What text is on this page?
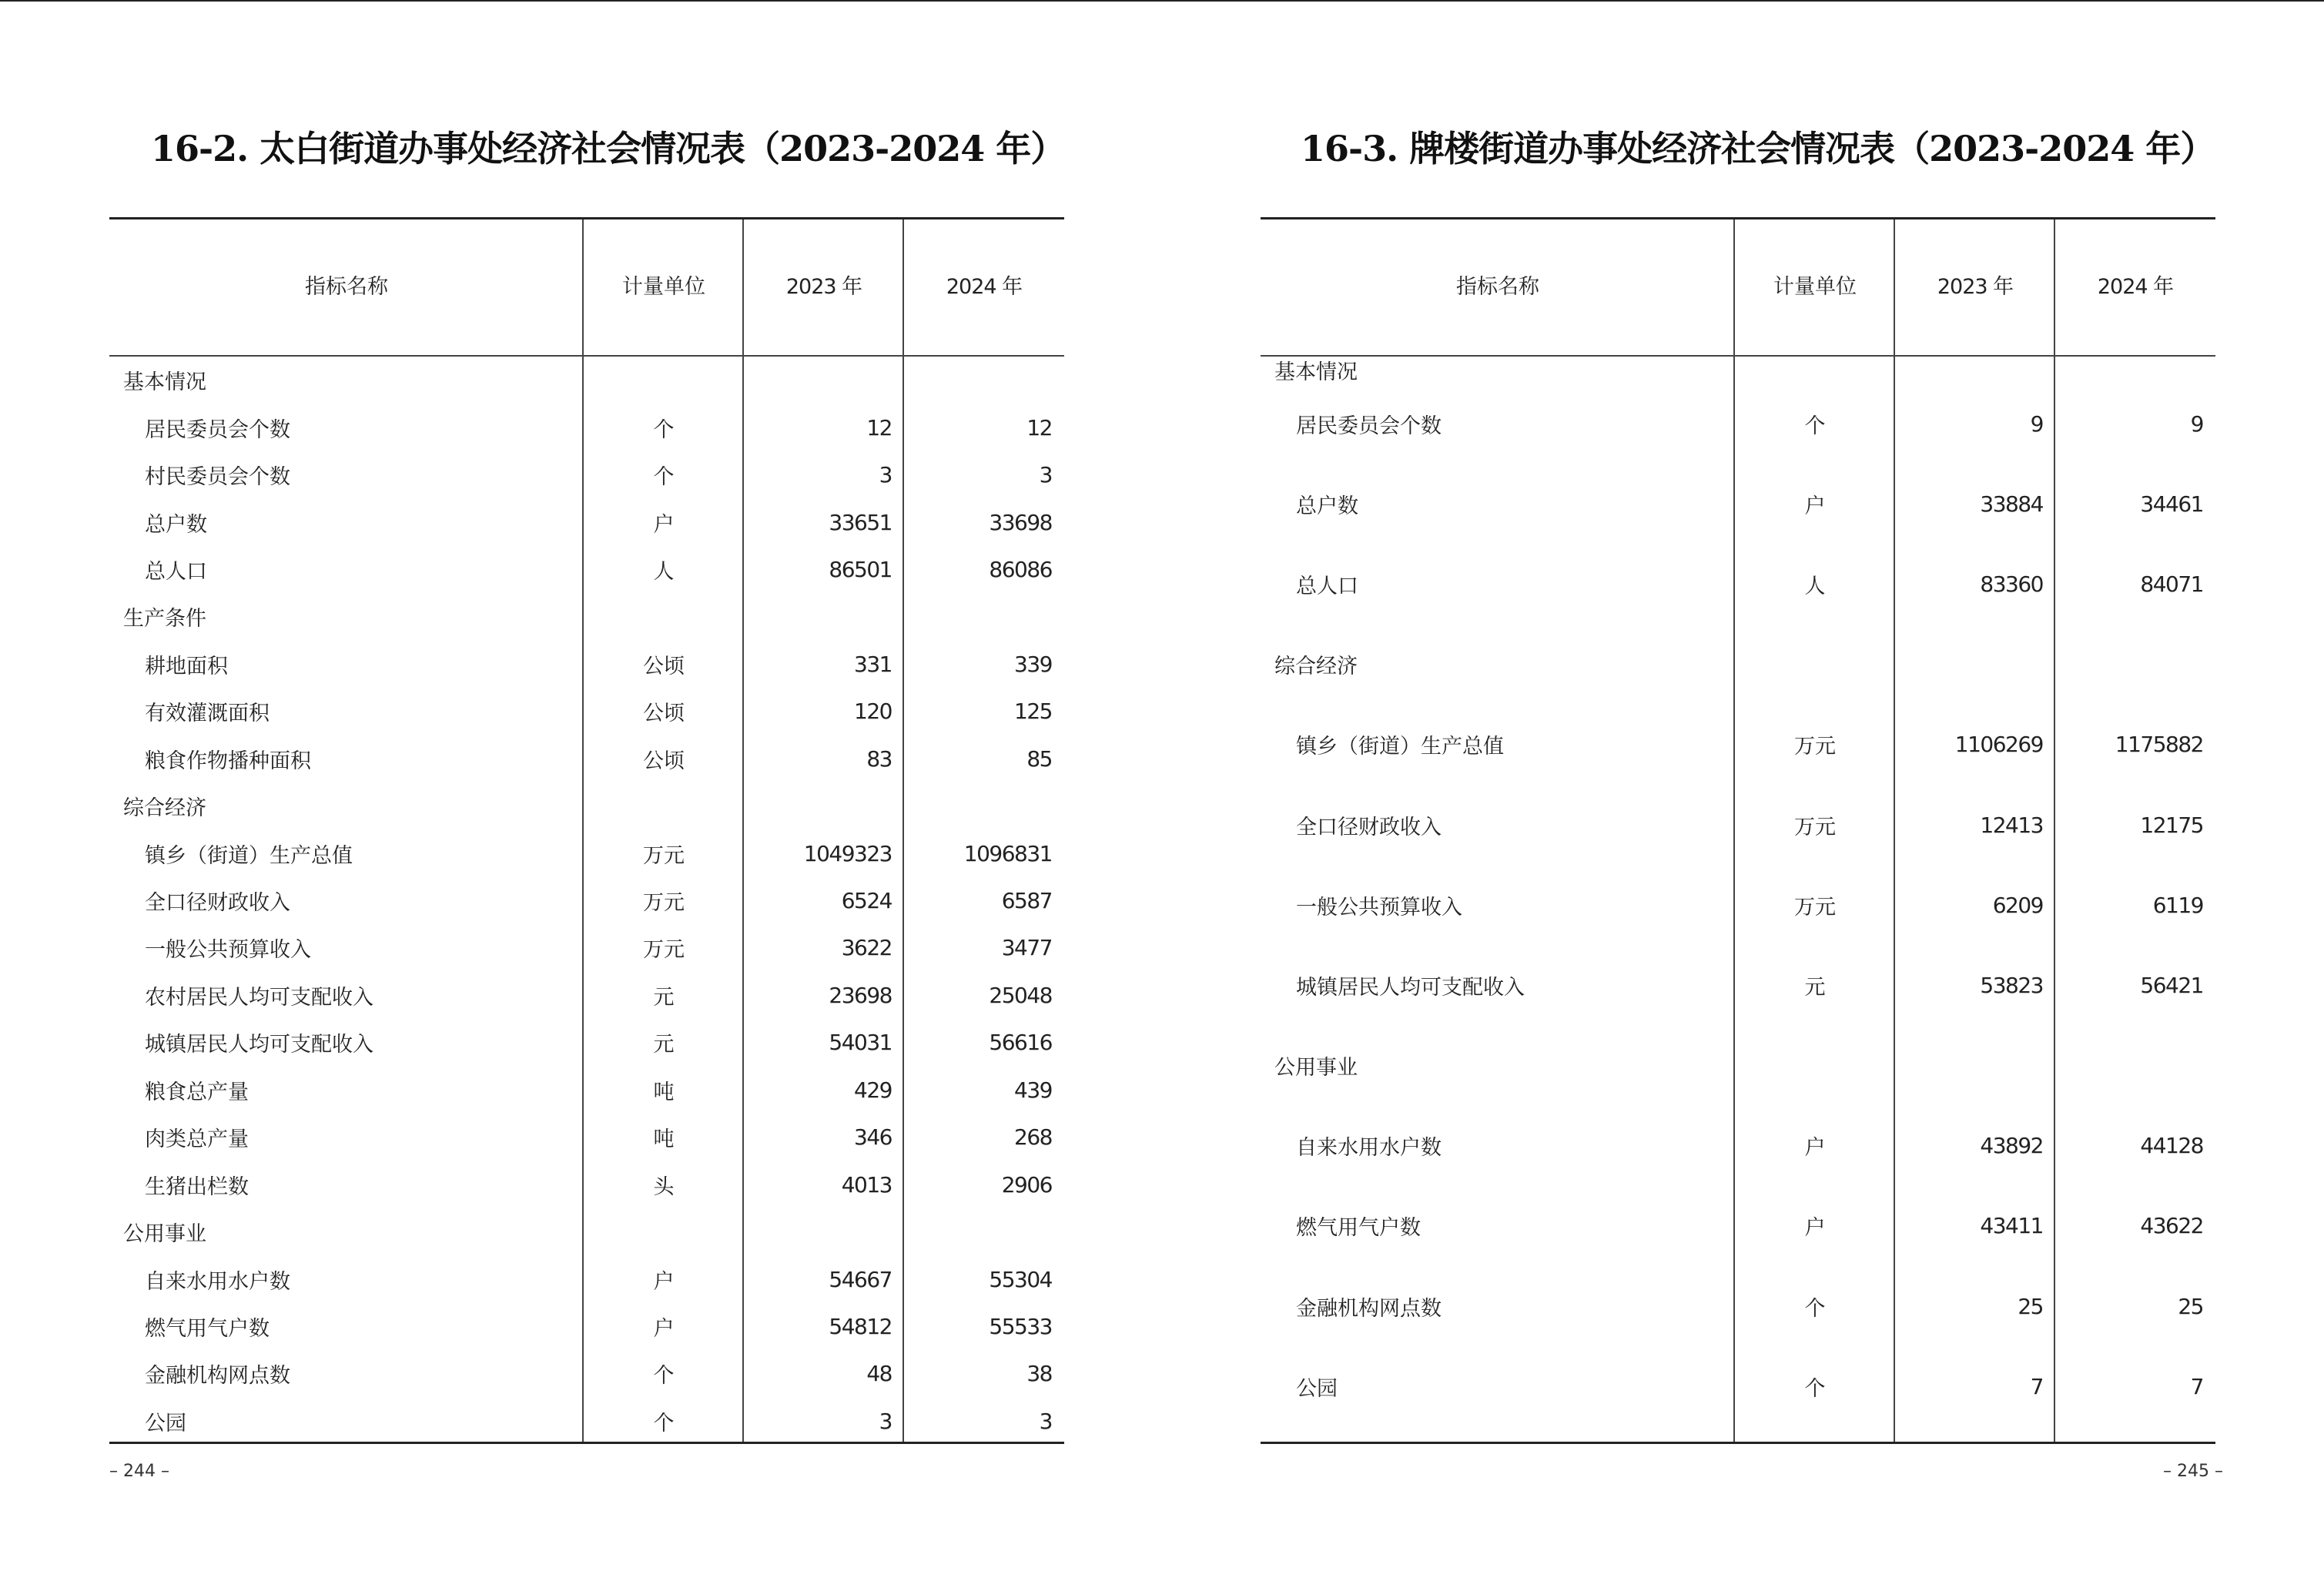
16-2. 太白街道办事处经济社会情况表（2023-2024 年）
指标名称	计量单位	2023 年	2024 年
基本情况
居民委员会个数	个	12	12
村民委员会个数	个	3	3
总户数	户	33651	33698
总人口	人	86501	86086
生产条件
耕地面积	公顷	331	339
有效灌溉面积	公顷	120	125
粮食作物播种面积	公顷	83	85
综合经济
镇乡（街道）生产总值	万元	1049323	1096831
全口径财政收入	万元	6524	6587
一般公共预算收入	万元	3622	3477
农村居民人均可支配收入	元	23698	25048
城镇居民人均可支配收入	元	54031	56616
粮食总产量	吨	429	439
肉类总产量	吨	346	268
生猪出栏数	头	4013	2906
公用事业
自来水用水户数	户	54667	55304
燃气用气户数	户	54812	55533
金融机构网点数	个	48	38
公园	个	3	3
– 244 –
16-3. 牌楼街道办事处经济社会情况表（2023-2024 年）
指标名称	计量单位	2023 年	2024 年
基本情况
居民委员会个数	个	9	9
总户数	户	33884	34461
总人口	人	83360	84071
综合经济
镇乡（街道）生产总值	万元	1106269	1175882
全口径财政收入	万元	12413	12175
一般公共预算收入	万元	6209	6119
城镇居民人均可支配收入	元	53823	56421
公用事业
自来水用水户数	户	43892	44128
燃气用气户数	户	43411	43622
金融机构网点数	个	25	25
公园	个	7	7
– 245 –
